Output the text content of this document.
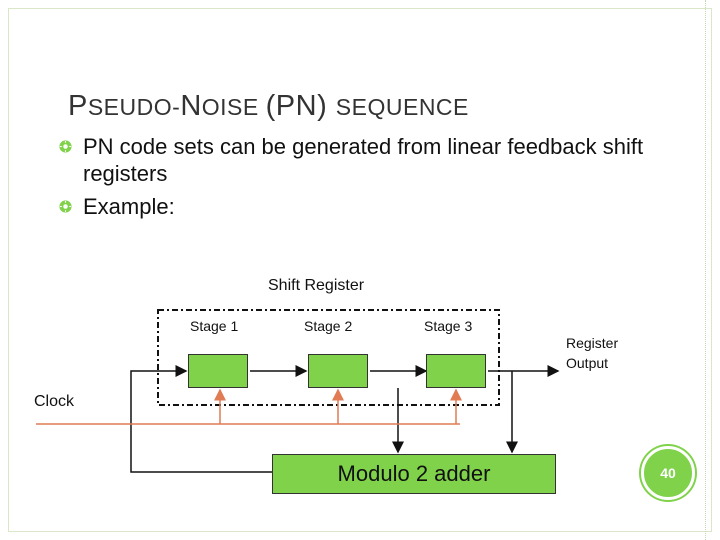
PSEUDO-NOISE (PN) SEQUENCE
PN code sets can be generated from linear feedback shift registers
Example:
Shift Register
Stage 1	Stage 2	Stage 3
Register
Output
Clock
Modulo 2 adder	40
